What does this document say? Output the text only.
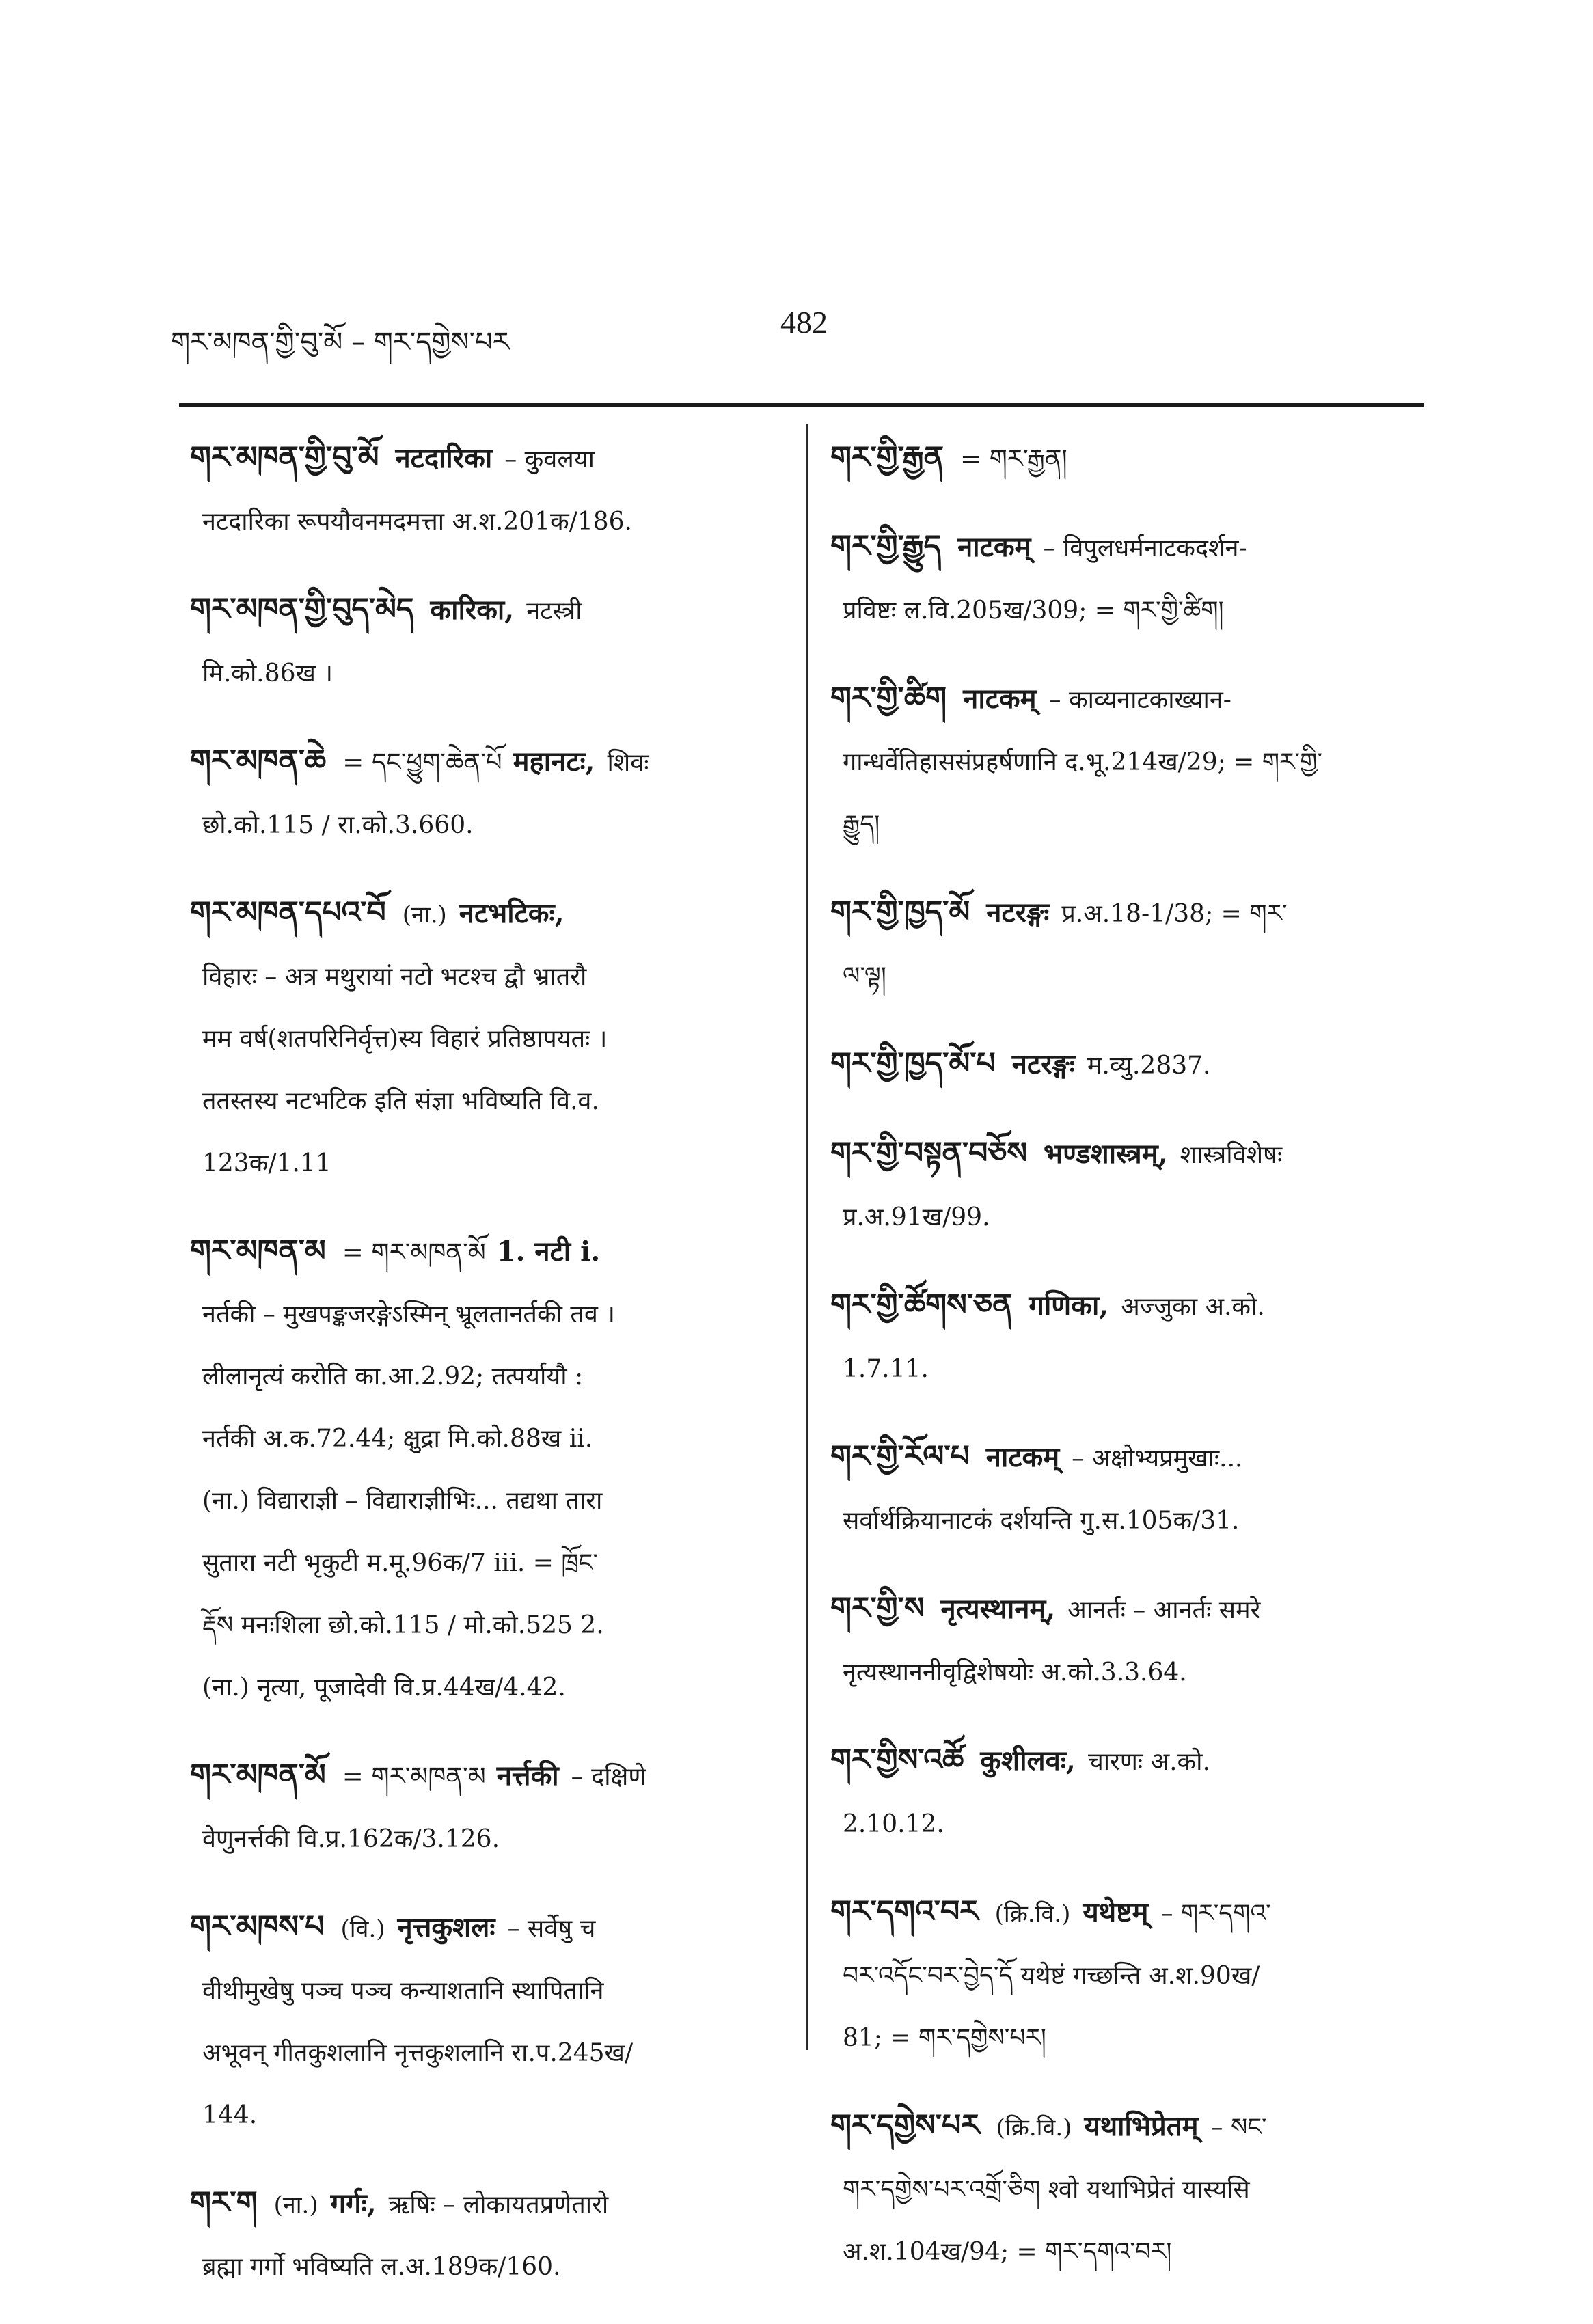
གར་མཁན་གྱི་བུ་མོ – གར་དགྱེས་པར
482
གར་མཁན་གྱི་བུ་མོ नटदारिका – कुवलया
नटदारिका रूपयौवनमदमत्ता अ.श.201क/186.
གར་མཁན་གྱི་བུད་མེད कारिका, नटस्त्री
मि.को.86ख ।
གར་མཁན་ཆེ = དང་ཕྱུག་ཆེན་པོ महानटः, शिवः
छो.को.115 / रा.को.3.660.
གར་མཁན་དཔའ་བོ (ना.) नटभटिकः,
विहारः – अत्र मथुरायां नटो भटश्च द्वौ भ्रातरौ
मम वर्ष(शतपरिनिर्वृत्त)स्य विहारं प्रतिष्ठापयतः ।
ततस्तस्य नटभटिक इति संज्ञा भविष्यति वि.व.
123क/1.11
གར་མཁན་མ = གར་མཁན་མོ 1. नटी i.
नर्तकी – मुखपङ्कजरङ्गेऽस्मिन् भ्रूलतानर्तकी तव ।
लीलानृत्यं करोति का.आ.2.92; तत्पर्यायौ :
नर्तकी अ.क.72.44; क्षुद्रा मि.को.88ख ii.
(ना.) विद्याराज्ञी – विद्याराज्ञीभिः... तद्यथा तारा
सुतारा नटी भृकुटी म.मू.96क/7 iii. = ཁྲོང་
རྡོས मनःशिला छो.को.115 / मो.को.525 2.
(ना.) नृत्या, पूजादेवी वि.प्र.44ख/4.42.
གར་མཁན་མོ = གར་མཁན་མ नर्त्तकी – दक्षिणे
वेणुनर्त्तकी वि.प्र.162क/3.126.
གར་མཁས་པ (वि.) नृत्तकुशलः – सर्वेषु च
वीथीमुखेषु पञ्च पञ्च कन्याशतानि स्थापितानि
अभूवन् गीतकुशलानि नृत्तकुशलानि रा.प.245ख/
144.
གར་ག (ना.) गर्गः, ऋषिः – लोकायतप्रणेतारो
ब्रह्मा गर्गो भविष्यति ल.अ.189क/160.
གར་གྱི་རྒྱན = གར་རྒྱན།
གར་གྱི་རྒྱུད नाटकम् – विपुलधर्मनाटकदर्शन-
प्रविष्टः ल.वि.205ख/309; = གར་གྱི་ཚིག།
གར་གྱི་ཚིག नाटकम् – काव्यनाटकाख्यान-
गान्धर्वेतिहाससंप्रहर्षणानि द.भू.214ख/29; = གར་གྱི་
རྒྱུད།
གར་གྱི་ཁྱད་མོ नटरङ्गः प्र.अ.18-1/38; = གར་
ལ་ལྟ།
གར་གྱི་ཁྱད་མོ་པ नटरङ्गः म.व्यु.2837.
གར་གྱི་བསྟན་བཅོས भण्डशास्त्रम्, शास्त्रविशेषः
प्र.अ.91ख/99.
གར་གྱི་ཚོགས་ཅན गणिका, अज्जुका अ.को.
1.7.11.
གར་གྱི་རོལ་པ नाटकम् – अक्षोभ्यप्रमुखाः...
सर्वार्थक्रियानाटकं दर्शयन्ति गु.स.105क/31.
གར་གྱི་ས नृत्यस्थानम्, आनर्तः – आनर्तः समरे
नृत्यस्थाननीवृद्विशेषयोः अ.को.3.3.64.
གར་གྱིས་འཚོ कुशीलवः, चारणः अ.को.
2.10.12.
གར་དགའ་བར (क्रि.वि.) यथेष्टम् – གར་དགའ་
བར་འདོང་བར་བྱེད་དོ यथेष्टं गच्छन्ति अ.श.90ख/
81; = གར་དགྱེས་པར།
གར་དགྱེས་པར (क्रि.वि.) यथाभिप्रेतम् – སང་
གར་དགྱེས་པར་འགྲོ་ཅིག श्वो यथाभिप्रेतं यास्यसि
अ.श.104ख/94; = གར་དགའ་བར།
